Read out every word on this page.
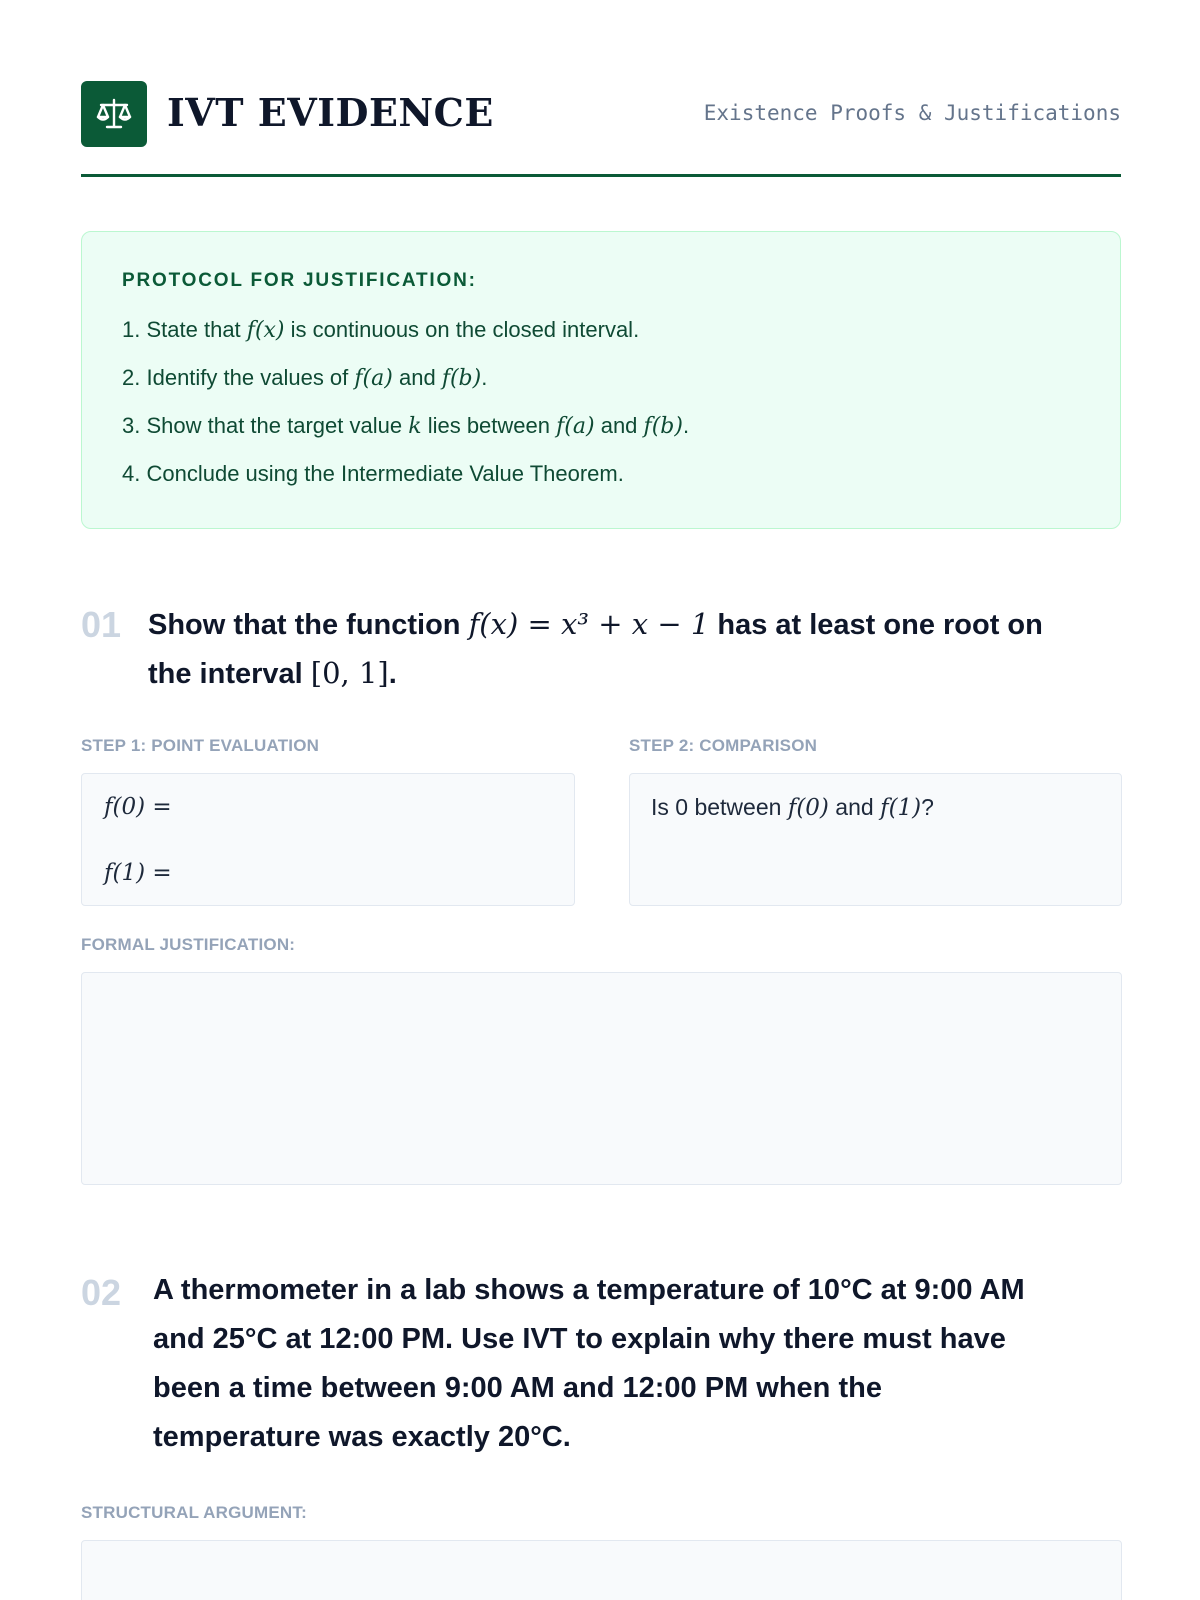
IVT EVIDENCE	Existence Proofs & Justifications
PROTOCOL FOR JUSTIFICATION:
1. State that f(x) is continuous on the closed interval.
2. Identify the values of f(a) and f(b).
3. Show that the target value k lies between f(a) and f(b).
4. Conclude using the Intermediate Value Theorem.
01 Show that the function f(x) = x³ + x − 1 has at least one root on
the interval [0, 1].
STEP 1: POINT EVALUATION
f(0) =
f(1) =
STEP 2: COMPARISON
Is 0 between f(0) and f(1)?
FORMAL JUSTIFICATION:
02 A thermometer in a lab shows a temperature of 10°C at 9:00 AM
and 25°C at 12:00 PM. Use IVT to explain why there must have
been a time between 9:00 AM and 12:00 PM when the
temperature was exactly 20°C.
STRUCTURAL ARGUMENT:
